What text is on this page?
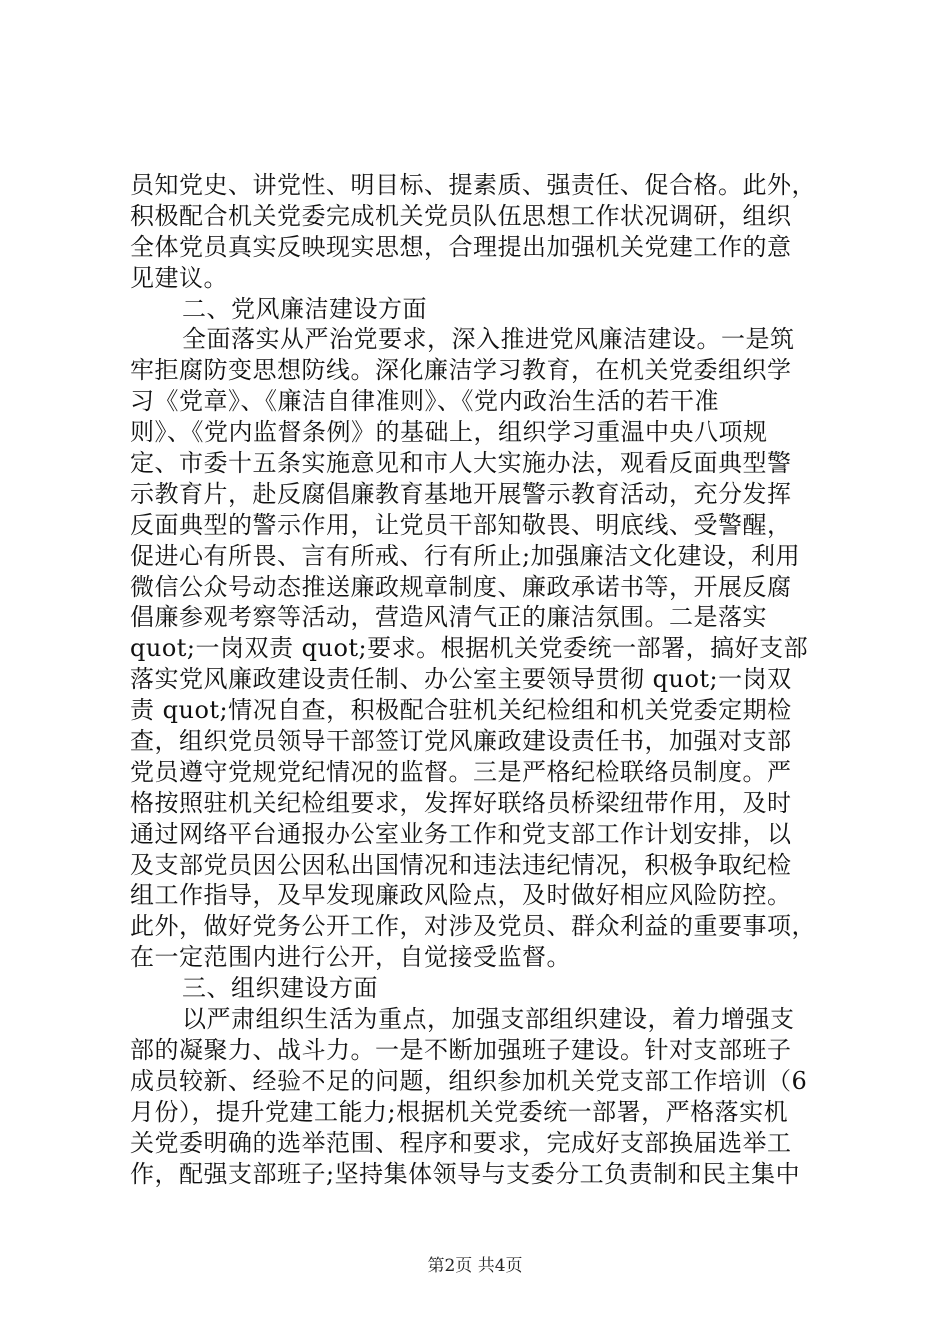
员知党史、讲党性、明目标、提素质、强责任、促合格。此外，
积极配合机关党委完成机关党员队伍思想工作状况调研，组织
全体党员真实反映现实思想，合理提出加强机关党建工作的意
见建议。
二、党风廉洁建设方面
全面落实从严治党要求，深入推进党风廉洁建设。一是筑
牢拒腐防变思想防线。深化廉洁学习教育，在机关党委组织学
习《党章》、《廉洁自律准则》、《党内政治生活的若干准
则》、《党内监督条例》的基础上，组织学习重温中央八项规
定、市委十五条实施意见和市人大实施办法，观看反面典型警
示教育片，赴反腐倡廉教育基地开展警示教育活动，充分发挥
反面典型的警示作用，让党员干部知敬畏、明底线、受警醒，
促进心有所畏、言有所戒、行有所止;加强廉洁文化建设，利用
微信公众号动态推送廉政规章制度、廉政承诺书等，开展反腐
倡廉参观考察等活动，营造风清气正的廉洁氛围。二是落实
quot;一岗双责 quot;要求。根据机关党委统一部署，搞好支部
落实党风廉政建设责任制、办公室主要领导贯彻 quot;一岗双
责 quot;情况自查，积极配合驻机关纪检组和机关党委定期检
查，组织党员领导干部签订党风廉政建设责任书，加强对支部
党员遵守党规党纪情况的监督。三是严格纪检联络员制度。严
格按照驻机关纪检组要求，发挥好联络员桥梁纽带作用，及时
通过网络平台通报办公室业务工作和党支部工作计划安排，以
及支部党员因公因私出国情况和违法违纪情况，积极争取纪检
组工作指导，及早发现廉政风险点，及时做好相应风险防控。
此外，做好党务公开工作，对涉及党员、群众利益的重要事项，
在一定范围内进行公开，自觉接受监督。
三、组织建设方面
以严肃组织生活为重点，加强支部组织建设，着力增强支
部的凝聚力、战斗力。一是不断加强班子建设。针对支部班子
成员较新、经验不足的问题，组织参加机关党支部工作培训（6
月份），提升党建工能力;根据机关党委统一部署，严格落实机
关党委明确的选举范围、程序和要求，完成好支部换届选举工
作，配强支部班子;坚持集体领导与支委分工负责制和民主集中
第2页 共4页
